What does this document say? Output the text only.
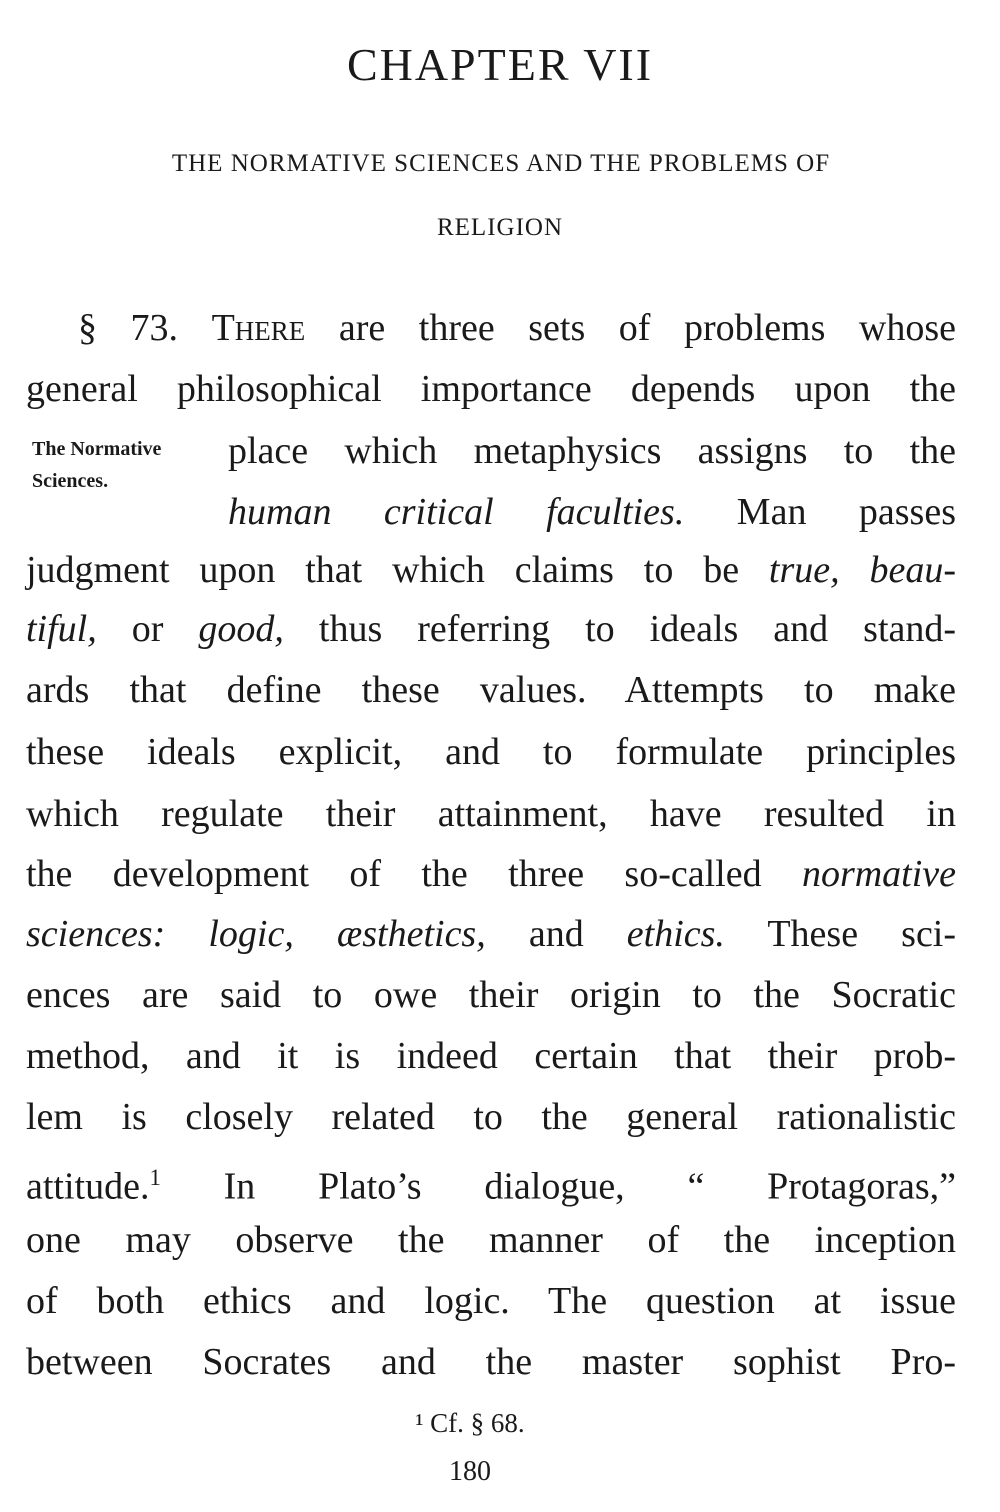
CHAPTER VII
THE NORMATIVE SCIENCES AND THE PROBLEMS OF
RELIGION
The Normative
Sciences.
§ 73. There are three sets of problems whose
general philosophical importance depends upon the
place which metaphysics assigns to the
human critical faculties. Man passes
judgment upon that which claims to be true, beau-
tiful, or good, thus referring to ideals and stand-
ards that define these values. Attempts to make
these ideals explicit, and to formulate principles
which regulate their attainment, have resulted in
the development of the three so-called normative
sciences: logic, æsthetics, and ethics. These sci-
ences are said to owe their origin to the Socratic
method, and it is indeed certain that their prob-
lem is closely related to the general rationalistic
attitude.$^1$ In Plato’s dialogue, “ Protagoras,”
one may observe the manner of the inception
of both ethics and logic. The question at issue
between Socrates and the master sophist Pro-
¹ Cf. § 68.
180
